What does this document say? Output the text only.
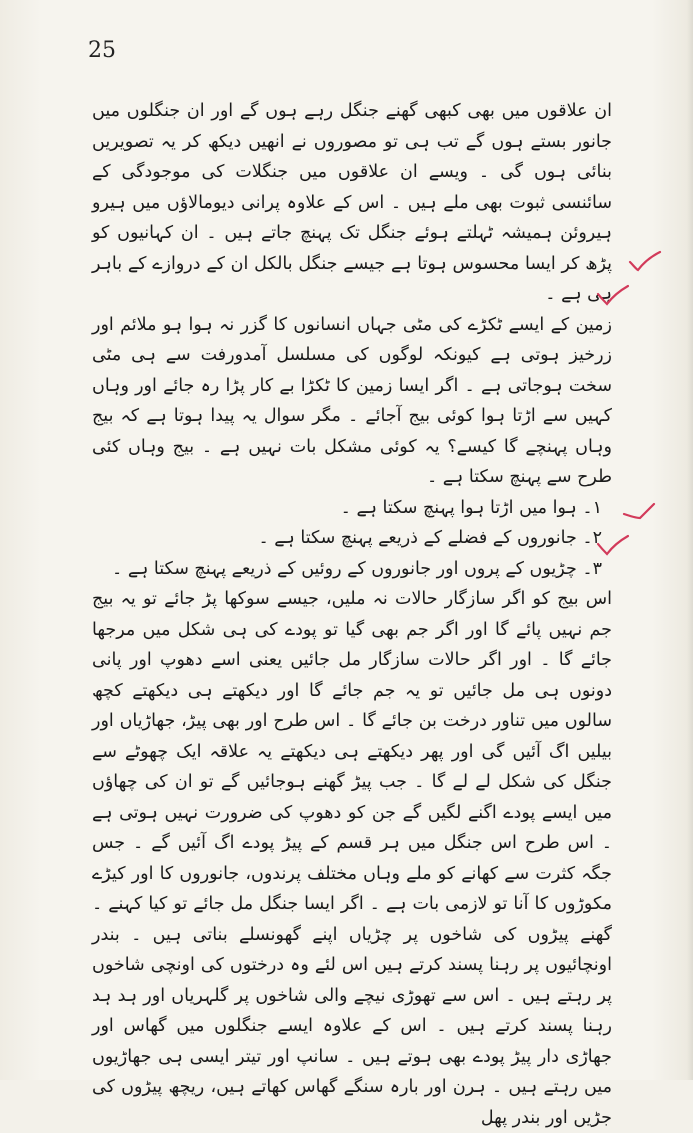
25

ان علاقوں میں بھی کبھی گھنے جنگل رہے ہوں گے اور ان جنگلوں میں جانور بستے ہوں گے تب ہی تو مصوروں نے انھیں دیکھ کر یہ تصویریں بنائی ہوں گی ۔ ویسے ان علاقوں میں جنگلات کی موجودگی کے سائنسی ثبوت بھی ملے ہیں ۔ اس کے علاوہ پرانی دیومالاؤں میں ہیرو ہیروئن ہمیشہ ٹہلتے ہوئے جنگل تک پہنچ جاتے ہیں ۔ ان کہانیوں کو پڑھ کر ایسا محسوس ہوتا ہے جیسے جنگل بالکل ان کے دروازے کے باہر ہی ہے ۔

زمین کے ایسے ٹکڑے کی مٹی جہاں انسانوں کا گزر نہ ہوا ہو ملائم اور زرخیز ہوتی ہے کیونکہ لوگوں کی مسلسل آمدورفت سے ہی مٹی سخت ہوجاتی ہے ۔ اگر ایسا زمین کا ٹکڑا بے کار پڑا رہ جائے اور وہاں کہیں سے اڑتا ہوا کوئی بیج آجائے ۔ مگر سوال یہ پیدا ہوتا ہے کہ بیج وہاں پہنچے گا کیسے؟ یہ کوئی مشکل بات نہیں ہے ۔ بیج وہاں کئی طرح سے پہنچ سکتا ہے ۔

۱۔ ہوا میں اڑتا ہوا پہنچ سکتا ہے ۔

۲۔ جانوروں کے فضلے کے ذریعے پہنچ سکتا ہے ۔

۳۔ چڑیوں کے پروں اور جانوروں کے روئیں کے ذریعے پہنچ سکتا ہے ۔

اس بیج کو اگر سازگار حالات نہ ملیں، جیسے سوکھا پڑ جائے تو یہ بیج جم نہیں پائے گا اور اگر جم بھی گیا تو پودے کی ہی شکل میں مرجھا جائے گا ۔ اور اگر حالات سازگار مل جائیں یعنی اسے دھوپ اور پانی دونوں ہی مل جائیں تو یہ جم جائے گا اور دیکھتے ہی دیکھتے کچھ سالوں میں تناور درخت بن جائے گا ۔ اس طرح اور بھی پیڑ، جھاڑیاں اور بیلیں اگ آئیں گی اور پھر دیکھتے ہی دیکھتے یہ علاقہ ایک چھوٹے سے جنگل کی شکل لے لے گا ۔ جب پیڑ گھنے ہوجائیں گے تو ان کی چھاؤں میں ایسے پودے اگنے لگیں گے جن کو دھوپ کی ضرورت نہیں ہوتی ہے ۔ اس طرح اس جنگل میں ہر قسم کے پیڑ پودے اگ آئیں گے ۔ جس جگہ کثرت سے کھانے کو ملے وہاں مختلف پرندوں، جانوروں کا اور کیڑے مکوڑوں کا آنا تو لازمی بات ہے ۔ اگر ایسا جنگل مل جائے تو کیا کہنے ۔ گھنے پیڑوں کی شاخوں پر چڑیاں اپنے گھونسلے بناتی ہیں ۔ بندر اونچائیوں پر رہنا پسند کرتے ہیں اس لئے وہ درختوں کی اونچی شاخوں پر رہتے ہیں ۔ اس سے تھوڑی نیچے والی شاخوں پر گلہریاں اور ہد ہد رہنا پسند کرتے ہیں ۔ اس کے علاوہ ایسے جنگلوں میں گھاس اور جھاڑی دار پیڑ پودے بھی ہوتے ہیں ۔ سانپ اور تیتر ایسی ہی جھاڑیوں میں رہتے ہیں ۔ ہرن اور بارہ سنگے گھاس کھاتے ہیں، ریچھ پیڑوں کی جڑیں اور بندر پھل
